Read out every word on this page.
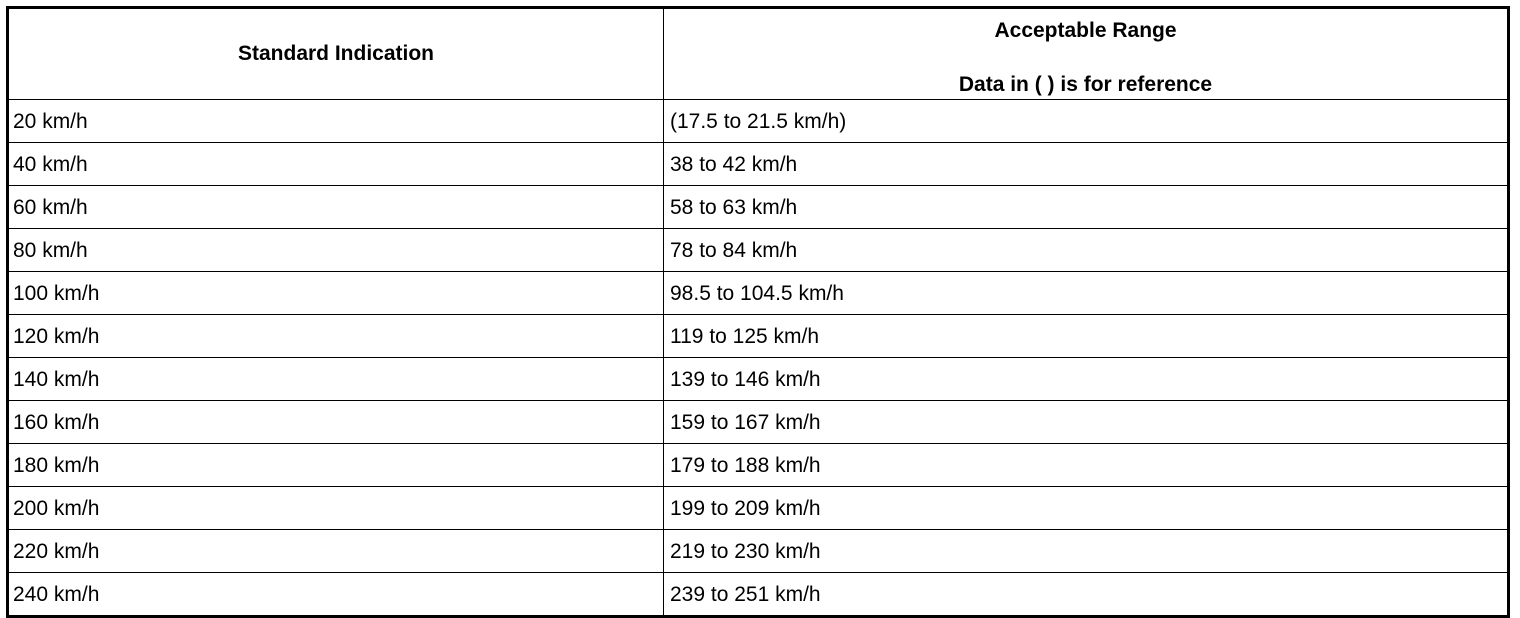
Standard Indication	Acceptable Range
Data in ( ) is for reference

20 km/h	(17.5 to 21.5 km/h)
40 km/h	38 to 42 km/h
60 km/h	58 to 63 km/h
80 km/h	78 to 84 km/h
100 km/h	98.5 to 104.5 km/h
120 km/h	119 to 125 km/h
140 km/h	139 to 146 km/h
160 km/h	159 to 167 km/h
180 km/h	179 to 188 km/h
200 km/h	199 to 209 km/h
220 km/h	219 to 230 km/h
240 km/h	239 to 251 km/h
